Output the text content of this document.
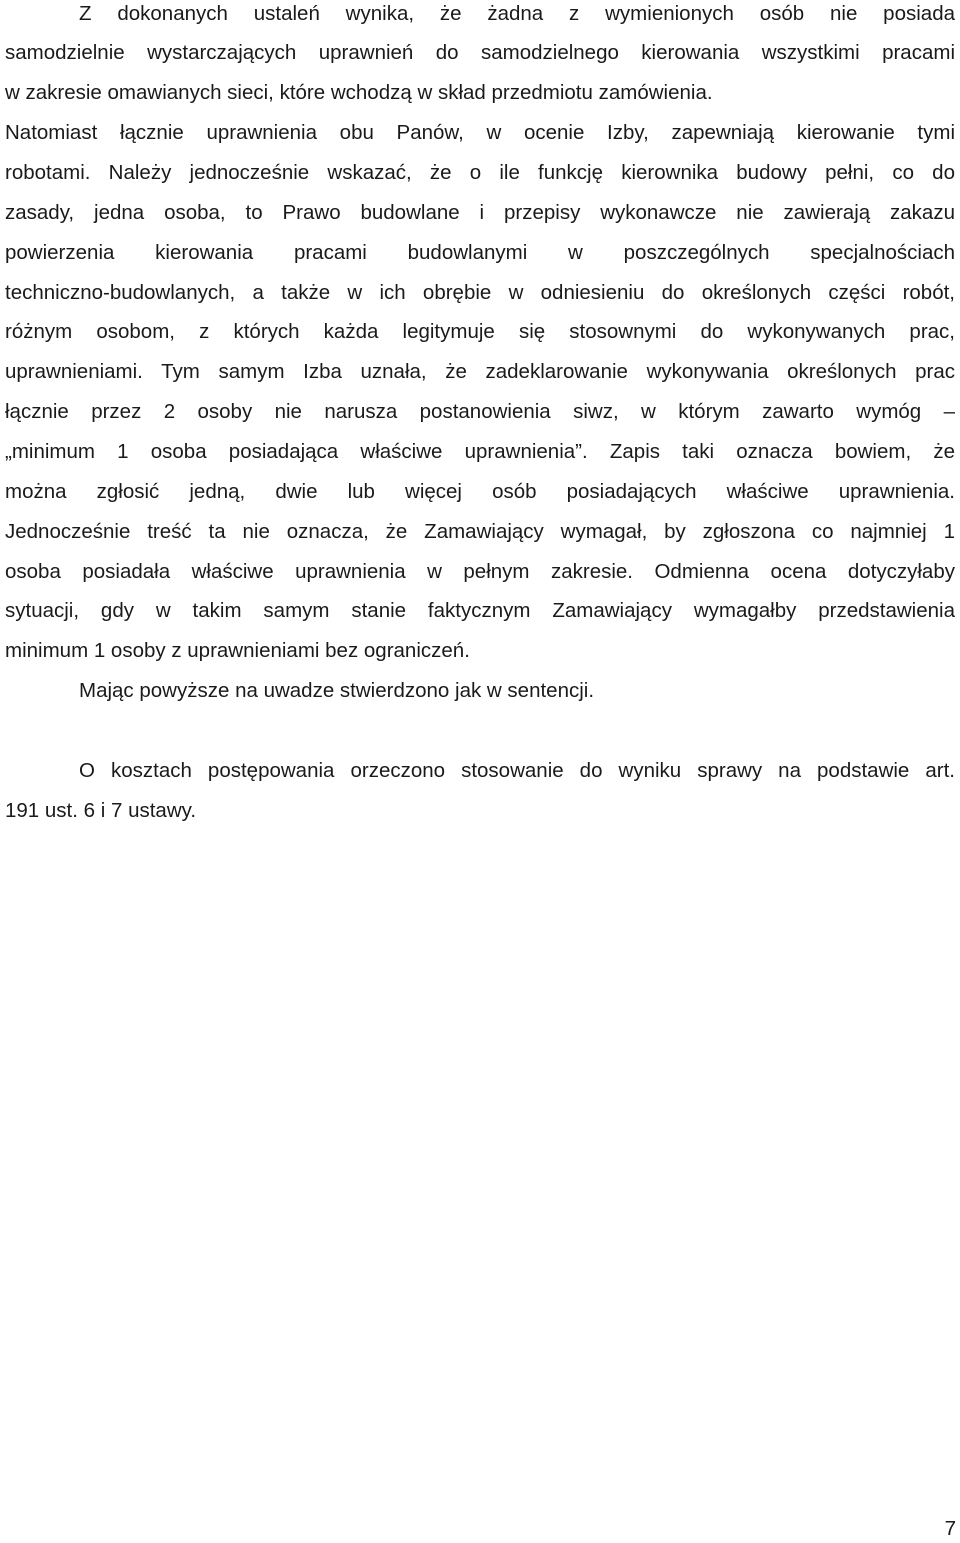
Z dokonanych ustaleń wynika, że żadna z wymienionych osób nie posiada
samodzielnie wystarczających uprawnień do samodzielnego kierowania wszystkimi pracami
w zakresie omawianych sieci, które wchodzą w skład przedmiotu zamówienia.
Natomiast łącznie uprawnienia obu Panów, w ocenie Izby, zapewniają kierowanie tymi
robotami. Należy jednocześnie wskazać, że o ile funkcję kierownika budowy pełni, co do
zasady, jedna osoba, to Prawo budowlane i przepisy wykonawcze nie zawierają zakazu
powierzenia kierowania pracami budowlanymi w poszczególnych specjalnościach
techniczno-budowlanych, a także w ich obrębie w odniesieniu do określonych części robót,
różnym osobom, z których każda legitymuje się stosownymi do wykonywanych prac,
uprawnieniami. Tym samym Izba uznała, że zadeklarowanie wykonywania określonych prac
łącznie przez 2 osoby nie narusza postanowienia siwz, w którym zawarto wymóg –
„minimum 1 osoba posiadająca właściwe uprawnienia”. Zapis taki oznacza bowiem, że
można zgłosić jedną, dwie lub więcej osób posiadających właściwe uprawnienia.
Jednocześnie treść ta nie oznacza, że Zamawiający wymagał, by zgłoszona co najmniej 1
osoba posiadała właściwe uprawnienia w pełnym zakresie. Odmienna ocena dotyczyłaby
sytuacji, gdy w takim samym stanie faktycznym Zamawiający wymagałby przedstawienia
minimum 1 osoby z uprawnieniami bez ograniczeń.
Mając powyższe na uwadze stwierdzono jak w sentencji.
O kosztach postępowania orzeczono stosowanie do wyniku sprawy na podstawie art.
191 ust. 6 i 7 ustawy.
7
